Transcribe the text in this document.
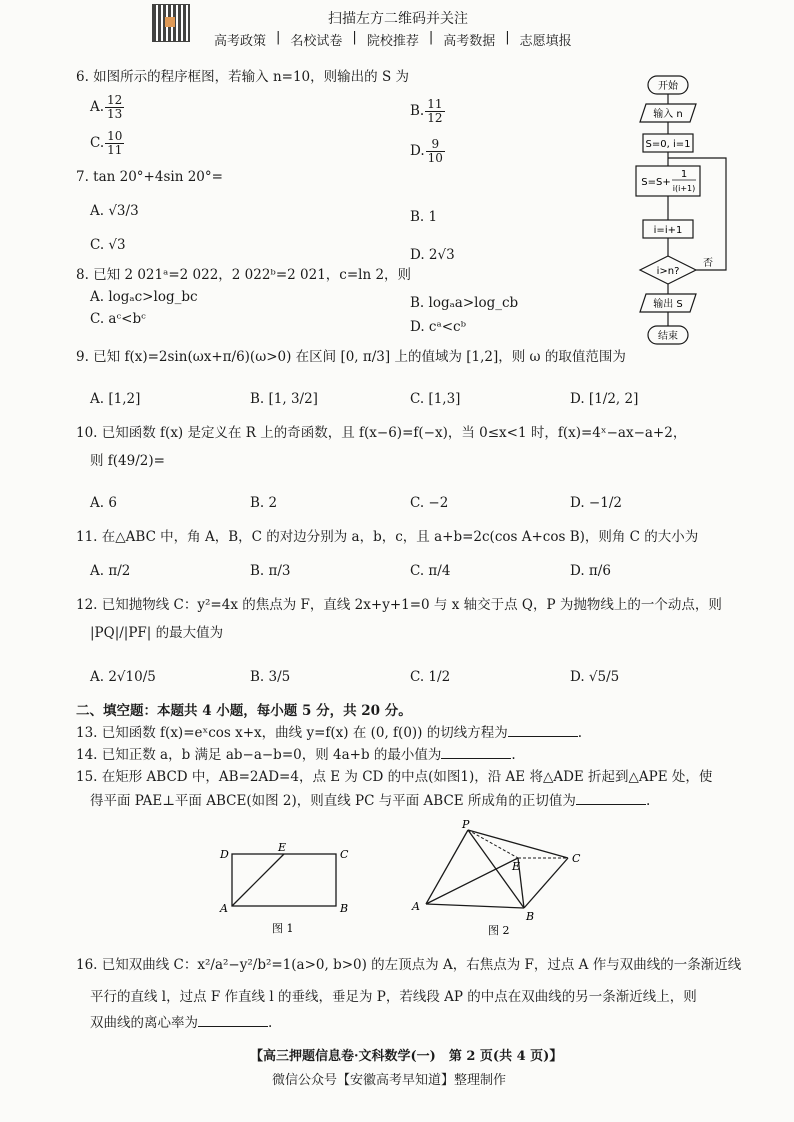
扫描左方二维码并关注
高考政策 | 名校试卷 | 院校推荐 | 高考数据 | 志愿填报
6. 如图所示的程序框图，若输入 n=10，则输出的 S 为
A. $\frac{12}{13}$	B. $\frac{11}{12}$
C. $\frac{10}{11}$	D. $\frac{9}{10}$
开始
输入 n
S=0, i=1
S=S+
1
i(i+1)
i=i+1
i>n?
否
输出 S
结束
7. tan 20°+4sin 20°=
A. √3/3	B. 1
C. √3
D. 2√3
8. 已知 2 021ᵃ=2 022，2 022ᵇ=2 021，c=ln 2，则
A. logₐc>log_bc	B. logₐa>log_cb
C. aᶜ<bᶜ	D. cᵃ<cᵇ
9. 已知 f(x)=2sin(ωx+π/6)(ω>0) 在区间 [0, π/3] 上的值域为 [1,2]，则 ω 的取值范围为
A. [1,2]	B. [1, 3/2]	C. [1,3]	D. [1/2, 2]
10. 已知函数 f(x) 是定义在 R 上的奇函数，且 f(x−6)=f(−x)，当 0≤x<1 时，f(x)=4ˣ−ax−a+2，
则 f(49/2)=
A. 6	B. 2	C. −2	D. −1/2
11. 在△ABC 中，角 A，B，C 的对边分别为 a，b，c，且 a+b=2c(cos A+cos B)，则角 C 的大小为
A. π/2	B. π/3	C. π/4	D. π/6
12. 已知抛物线 C：y²=4x 的焦点为 F，直线 2x+y+1=0 与 x 轴交于点 Q，P 为抛物线上的一个动点，则
|PQ|/|PF| 的最大值为
A. 2√10/5	B. 3/5	C. 1/2	D. √5/5
二、填空题：本题共 4 小题，每小题 5 分，共 20 分。
13. 已知函数 f(x)=eˣcos x+x，曲线 y=f(x) 在 (0, f(0)) 的切线方程为	.
14. 已知正数 a，b 满足 ab−a−b=0，则 4a+b 的最小值为	.
15. 在矩形 ABCD 中，AB=2AD=4，点 E 为 CD 的中点(如图1)，沿 AE 将△ADE 折起到△APE 处，使
得平面 PAE⊥平面 ABCE(如图 2)，则直线 PC 与平面 ABCE 所成角的正切值为	.
D
E
C
A	B
图 1
P
E
C
A
B
图 2
16. 已知双曲线 C：x²/a²−y²/b²=1(a>0, b>0) 的左顶点为 A，右焦点为 F，过点 A 作与双曲线的一条渐近线
平行的直线 l，过点 F 作直线 l 的垂线，垂足为 P，若线段 AP 的中点在双曲线的另一条渐近线上，则
双曲线的离心率为	.
【高三押题信息卷·文科数学(一)　第 2 页(共 4 页)】
微信公众号【安徽高考早知道】整理制作
